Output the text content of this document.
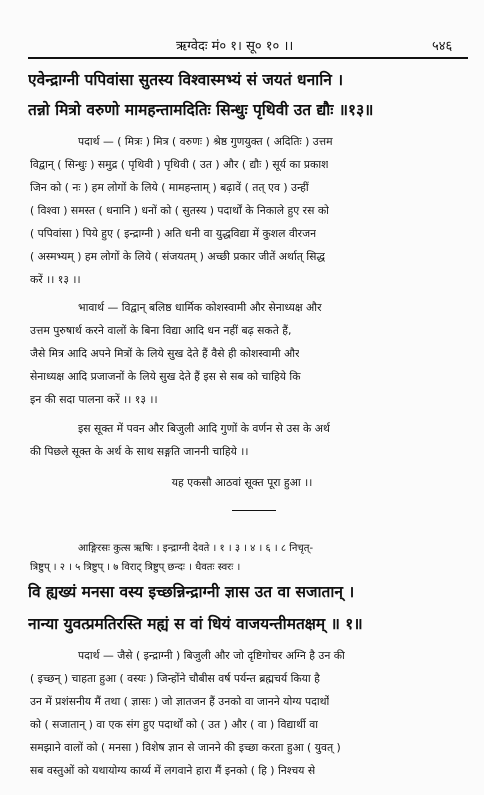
ऋग्वेदः मं० १। सू० १० ।।	५४६
एवेन्द्राग्नी पपिवांसा सुतस्य विश्वास्मभ्यं सं जयतं धनानि ।
तन्नो मित्रो वरुणो मामहन्तामदितिः सिन्धुः पृथिवी उत द्यौः ॥१३॥
पदार्थ — ( मित्रः ) मित्र ( वरुणः ) श्रेष्ठ गुणयुक्त ( अदितिः ) उत्तम
विद्वान् ( सिन्धुः ) समुद्र ( पृथिवी ) पृथिवी ( उत ) और ( द्यौः ) सूर्य का प्रकाश
जिन को ( नः ) हम लोगों के लिये ( मामहन्ताम् ) बढ़ावें ( तत् एव ) उन्हीं
( विश्वा ) समस्त ( धनानि ) धनों को ( सुतस्य ) पदार्थों के निकाले हुए रस को
( पपिवांसा ) पिये हुए ( इन्द्राग्नी ) अति धनी वा युद्धविद्या में कुशल वीरजन
( अस्मभ्यम् ) हम लोगों के लिये ( संजयतम् ) अच्छी प्रकार जीतें अर्थात् सिद्ध
करें ।। १३ ।।
भावार्थ — विद्वान् बलिष्ठ धार्मिक कोशस्वामी और सेनाध्यक्ष और
उत्तम पुरुषार्थ करने वालों के बिना विद्या आदि धन नहीं बढ़ सकते हैं,
जैसे मित्र आदि अपने मित्रों के लिये सुख देते हैं वैसे ही कोशस्वामी और
सेनाध्यक्ष आदि प्रजाजनों के लिये सुख देते हैं इस से सब को चाहिये कि
इन की सदा पालना करें ।। १३ ।।
इस सूक्त में पवन और बिजुली आदि गुणों के वर्णन से उस के अर्थ
की पिछले सूक्त के अर्थ के साथ सङ्गति जाननी चाहिये ।।
यह एकसौ आठवां सूक्त पूरा हुआ ।।
आङ्गिरसः कुत्स ऋषिः । इन्द्राग्नी देवते । १ । ३ । ४ । ६ । ८ निचृत्-
त्रिष्टुप् । २ । ५ त्रिष्टुप् । ७ विराट् त्रिष्टुप् छन्दः । धैवतः स्वरः ।
वि ह्यख्यं मनसा वस्य इच्छन्निन्द्राग्नी ज्ञास उत वा सजातान् ।
नान्या युवत्प्रमतिरस्ति मह्यं स वां धियं वाजयन्तीमतक्षम् ॥ १॥
पदार्थ — जैसे ( इन्द्राग्नी ) बिजुली और जो दृष्टिगोचर अग्नि है उन की
( इच्छन् ) चाहता हुआ ( वस्यः ) जिन्होंने चौबीस वर्ष पर्यन्त ब्रह्मचर्य किया है
उन में प्रशंसनीय मैं तथा ( ज्ञासः ) जो ज्ञातजन हैं उनको वा जानने योग्य पदार्थों
को ( सजातान् ) वा एक संग हुए पदार्थों को ( उत ) और ( वा ) विद्यार्थी वा
समझाने वालों को ( मनसा ) विशेष ज्ञान से जानने की इच्छा करता हुआ ( युवत् )
सब वस्तुओं को यथायोग्य कार्य्य में लगवाने हारा मैं इनको ( हि ) निश्चय से
